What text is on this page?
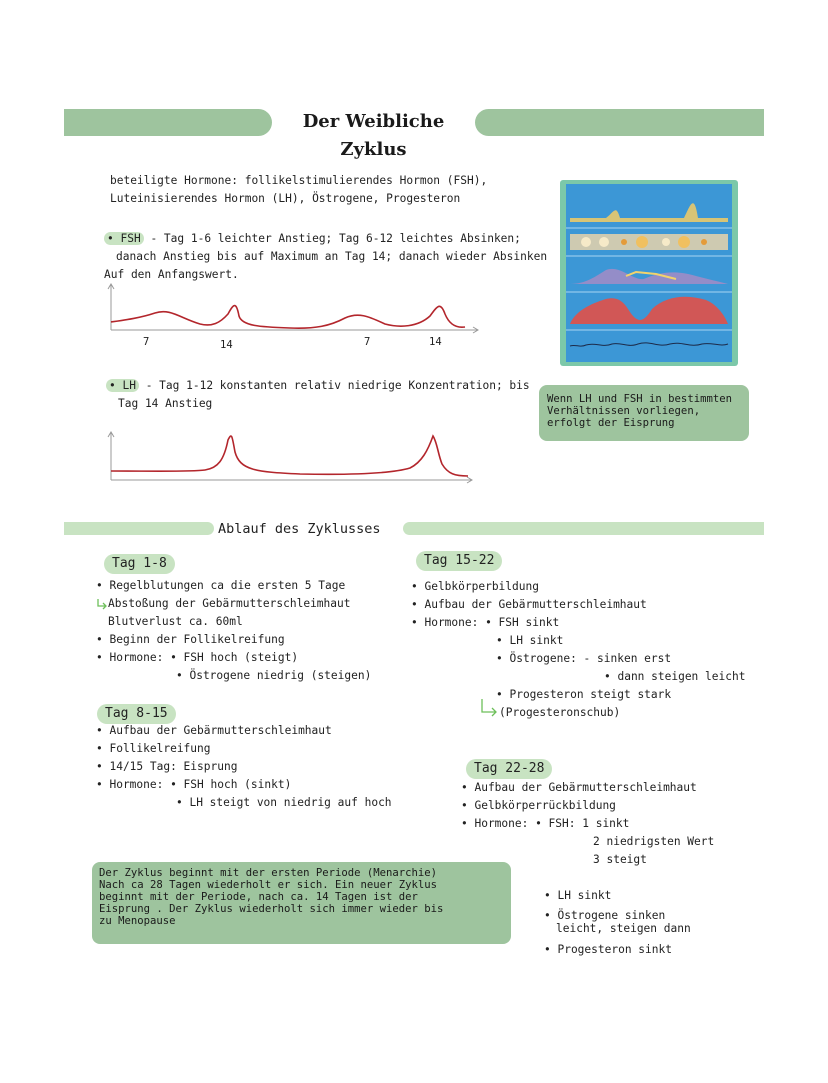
Der Weibliche Zyklus
beteiligte Hormone: follikelstimulierendes Hormon (FSH),
Luteinisierendes Hormon (LH), Östrogene, Progesteron
• FSH - Tag 1-6 leichter Anstieg; Tag 6-12 leichtes Absinken;
danach Anstieg bis auf Maximum an Tag 14; danach wieder Absinken
Auf den Anfangswert.
7	14	7	14
Wenn LH und FSH in bestimmten
Verhältnissen vorliegen,
erfolgt der Eisprung
• LH - Tag 1-12 konstanten relativ niedrige Konzentration; bis
Tag 14 Anstieg
Ablauf des Zyklusses
Tag 1-8
• Regelblutungen ca die ersten 5 Tage
Abstoßung der Gebärmutterschleimhaut
Blutverlust ca. 60ml
• Beginn der Follikelreifung
• Hormone: • FSH hoch (steigt)
• Östrogene niedrig (steigen)
Tag 8-15
• Aufbau der Gebärmutterschleimhaut
• Follikelreifung
• 14/15 Tag: Eisprung
• Hormone: • FSH hoch (sinkt)
• LH steigt von niedrig auf hoch
Tag 15-22
• Gelbkörperbildung
• Aufbau der Gebärmutterschleimhaut
• Hormone: • FSH sinkt
• LH sinkt
• Östrogene: - sinken erst
• dann steigen leicht
• Progesteron steigt stark
(Progesteronschub)
Tag 22-28
• Aufbau der Gebärmutterschleimhaut
• Gelbkörperrückbildung
• Hormone: • FSH: 1 sinkt
2 niedrigsten Wert
3 steigt
• LH sinkt
• Östrogene sinken
leicht, steigen dann
• Progesteron sinkt
Der Zyklus beginnt mit der ersten Periode (Menarchie)
Nach ca 28 Tagen wiederholt er sich. Ein neuer Zyklus
beginnt mit der Periode, nach ca. 14 Tagen ist der
Eisprung . Der Zyklus wiederholt sich immer wieder bis
zu Menopause
